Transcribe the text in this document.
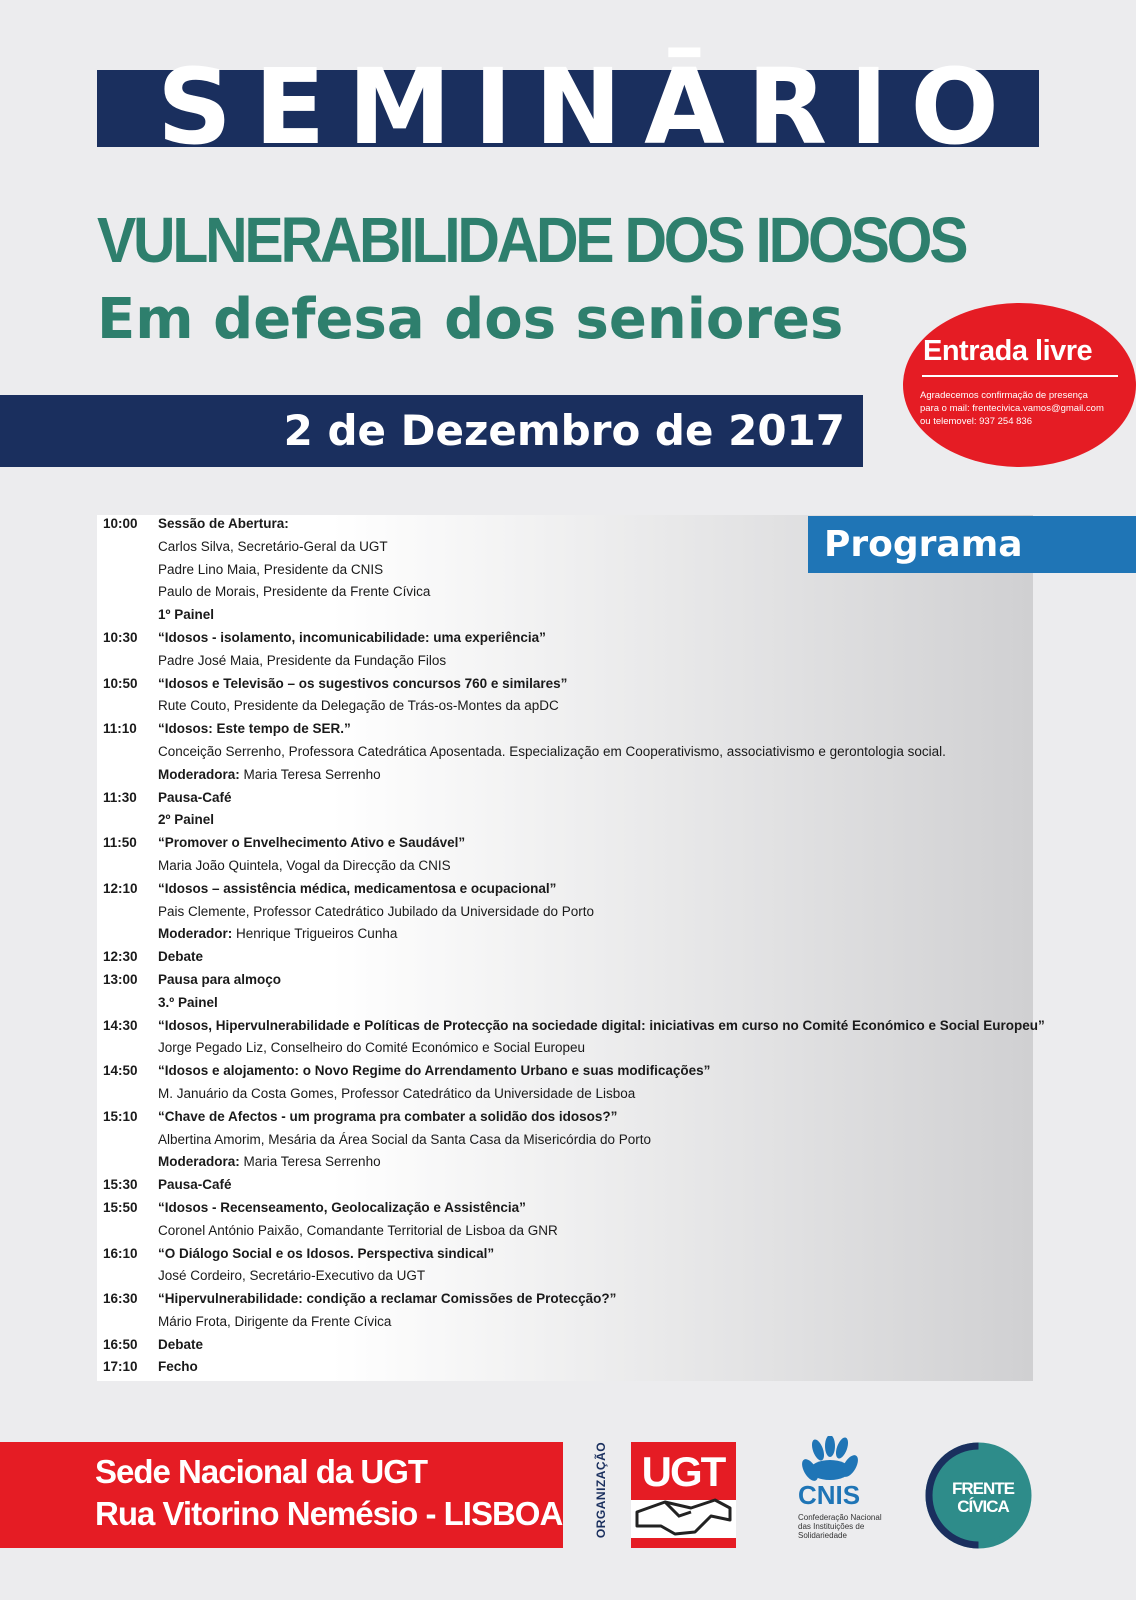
S E M I N Ā R I O
VULNERABILIDADE DOS IDOSOS
Em defesa dos seniores
2 de Dezembro de 2017
Entrada livre
Agradecemos confirmação de presença
para o mail: frentecivica.vamos@gmail.com
ou telemovel: 937 254 836
Programa
10:00	Sessão de Abertura:
Carlos Silva, Secretário-Geral da UGT
Padre Lino Maia, Presidente da CNIS
Paulo de Morais, Presidente da Frente Cívica
1º Painel
10:30	“Idosos - isolamento, incomunicabilidade: uma experiência”
Padre José Maia, Presidente da Fundação Filos
10:50	“Idosos e Televisão – os sugestivos concursos 760 e similares”
Rute Couto, Presidente da Delegação de Trás-os-Montes da apDC
11:10	“Idosos: Este tempo de SER.”
Conceição Serrenho, Professora Catedrática Aposentada. Especialização em Cooperativismo, associativismo e gerontologia social.
Moderadora: Maria Teresa Serrenho
11:30	Pausa-Café
2º Painel
11:50	“Promover o Envelhecimento Ativo e Saudável”
Maria João Quintela, Vogal da Direcção da CNIS
12:10	“Idosos – assistência médica, medicamentosa e ocupacional”
Pais Clemente, Professor Catedrático Jubilado da Universidade do Porto
Moderador: Henrique Trigueiros Cunha
12:30	Debate
13:00	Pausa para almoço
3.º Painel
14:30	“Idosos, Hipervulnerabilidade e Políticas de Protecção na sociedade digital: iniciativas em curso no Comité Económico e Social Europeu”
Jorge Pegado Liz, Conselheiro do Comité Económico e Social Europeu
14:50	“Idosos e alojamento: o Novo Regime do Arrendamento Urbano e suas modificações”
M. Januário da Costa Gomes, Professor Catedrático da Universidade de Lisboa
15:10	“Chave de Afectos - um programa pra combater a solidão dos idosos?”
Albertina Amorim, Mesária da Área Social da Santa Casa da Misericórdia do Porto
Moderadora: Maria Teresa Serrenho
15:30	Pausa-Café
15:50	“Idosos - Recenseamento, Geolocalização e Assistência”
Coronel António Paixão, Comandante Territorial de Lisboa da GNR
16:10	“O Diálogo Social e os Idosos. Perspectiva sindical”
José Cordeiro, Secretário-Executivo da UGT
16:30	“Hipervulnerabilidade: condição a reclamar Comissões de Protecção?”
Mário Frota, Dirigente da Frente Cívica
16:50	Debate
17:10	Fecho
Sede Nacional da UGT
Rua Vitorino Nemésio - LISBOA	ORGANIZAÇÃO UGT	CNIS
Confederação Nacional
das Instituições de
Solidariedade
FRENTE
CÍVICA
